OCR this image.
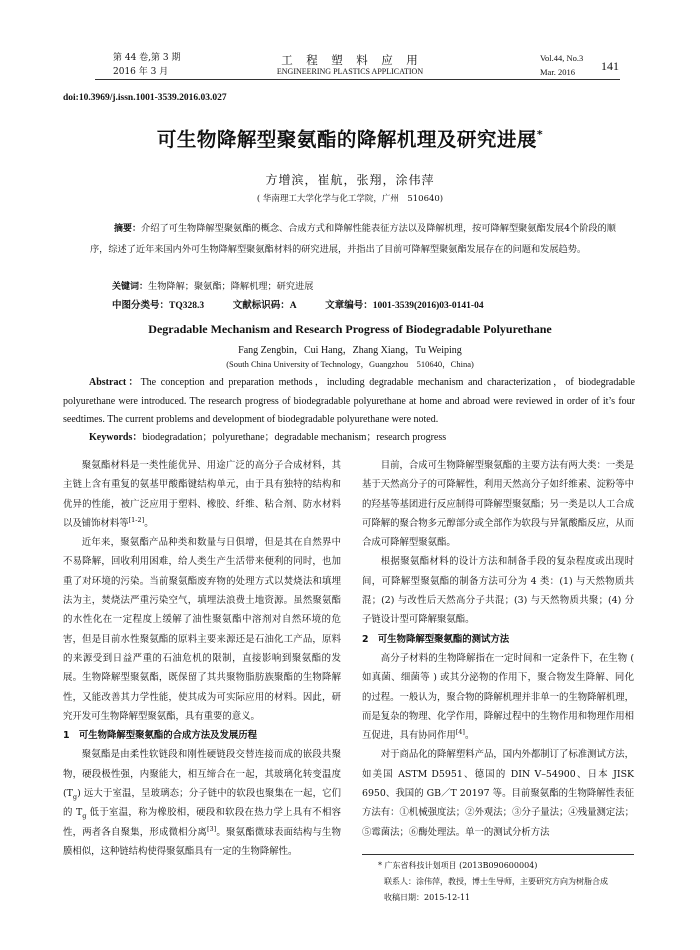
第 44 卷,第 3 期
2016 年 3 月
工　程　塑　料　应　用
ENGINEERING PLASTICS APPLICATION
Vol.44, No.3
Mar. 2016 141
doi:10.3969/j.issn.1001-3539.2016.03.027
可生物降解型聚氨酯的降解机理及研究进展*
方增滨，崔航，张翔，涂伟萍
( 华南理工大学化学与化工学院，广州　510640)
摘要：介绍了可生物降解型聚氨酯的概念、合成方式和降解性能表征方法以及降解机理，按可降解型聚氨酯发展4个阶段的顺序，综述了近年来国内外可生物降解型聚氨酯材料的研究进展，并指出了目前可降解型聚氨酯发展存在的问题和发展趋势。
关键词：生物降解；聚氨酯；降解机理；研究进展
中图分类号：TQ328.3	文献标识码：A	文章编号：1001-3539(2016)03-0141-04
Degradable Mechanism and Research Progress of Biodegradable Polyurethane
Fang Zengbin，Cui Hang，Zhang Xiang，Tu Weiping
(South China University of Technology，Guangzhou　510640，China)
Abstract：The conception and preparation methods，including degradable mechanism and characterization，of biodegradable polyurethane were introduced. The research progress of biodegradable polyurethane at home and abroad were reviewed in order of it’s four seedtimes. The current problems and development of biodegradable polyurethane were noted.
Keywords：biodegradation；polyurethane；degradable mechanism；research progress

聚氨酯材料是一类性能优异、用途广泛的高分子合成材料，其主链上含有重复的氨基甲酸酯键结构单元，由于具有独特的结构和优异的性能，被广泛应用于塑料、橡胶、纤维、粘合剂、防水材料以及铺饰材料等[1-2]。

近年来，聚氨酯产品种类和数量与日俱增，但是其在自然界中不易降解，回收利用困难，给人类生产生活带来便利的同时，也加重了对环境的污染。当前聚氨酯废弃物的处理方式以焚烧法和填埋法为主，焚烧法严重污染空气，填埋法浪费土地资源。虽然聚氨酯的水性化在一定程度上缓解了油性聚氨酯中溶剂对自然环境的危害，但是目前水性聚氨酯的原料主要来源还是石油化工产品，原料的来源受到日益严重的石油危机的限制，直接影响到聚氨酯的发展。生物降解型聚氨酯，既保留了其共聚物脂肪族聚酯的生物降解性，又能改善其力学性能，使其成为可实际应用的材料。因此，研究开发可生物降解型聚氨酯，具有重要的意义。

1　可生物降解型聚氨酯的合成方法及发展历程

聚氨酯是由柔性软链段和刚性硬链段交替连接而成的嵌段共聚物，硬段极性强，内聚能大，相互缔合在一起，其玻璃化转变温度 $(T_g)$ 远大于室温，呈玻璃态；分子链中的软段也聚集在一起，它们的 $T_g$ 低于室温，称为橡胶相，硬段和软段在热力学上具有不相容性，两者各自聚集，形成微相分离[3]。聚氨酯微球表面结构与生物膜相似，这种链结构使得聚氨酯具有一定的生物降解性。

目前，合成可生物降解型聚氨酯的主要方法有两大类：一类是基于天然高分子的可降解性，利用天然高分子如纤维素、淀粉等中的羟基等基团进行反应制得可降解型聚氨酯；另一类是以人工合成可降解的聚合物多元醇部分或全部作为软段与异氰酸酯反应，从而合成可降解型聚氨酯。

根据聚氨酯材料的设计方法和制备手段的复杂程度或出现时间，可降解型聚氨酯的制备方法可分为 4 类：(1) 与天然物质共混；(2) 与改性后天然高分子共混；(3) 与天然物质共聚；(4) 分子链设计型可降解聚氨酯。

2　可生物降解型聚氨酯的测试方法

高分子材料的生物降解指在一定时间和一定条件下，在生物 ( 如真菌、细菌等 ) 或其分泌物的作用下，聚合物发生降解、同化的过程。一般认为，聚合物的降解机理并非单一的生物降解机理，而是复杂的物理、化学作用，降解过程中的生物作用和物理作用相互促进，具有协同作用[4]。

对于商品化的降解塑料产品，国内外都制订了标准测试方法，如美国 ASTM D5951、德国的 DIN V–54900、日本 JISK 6950、我国的 GB／T 20197 等。目前聚氨酯的生物降解性表征方法有：①机械强度法；②外观法；③分子量法；④残量测定法；⑤霉菌法；⑥酶处理法。单一的测试分析方法

* 广东省科技计划项目 (2013B090600004)
联系人：涂伟萍，教授，博士生导师，主要研究方向为树脂合成
收稿日期：2015-12-11
